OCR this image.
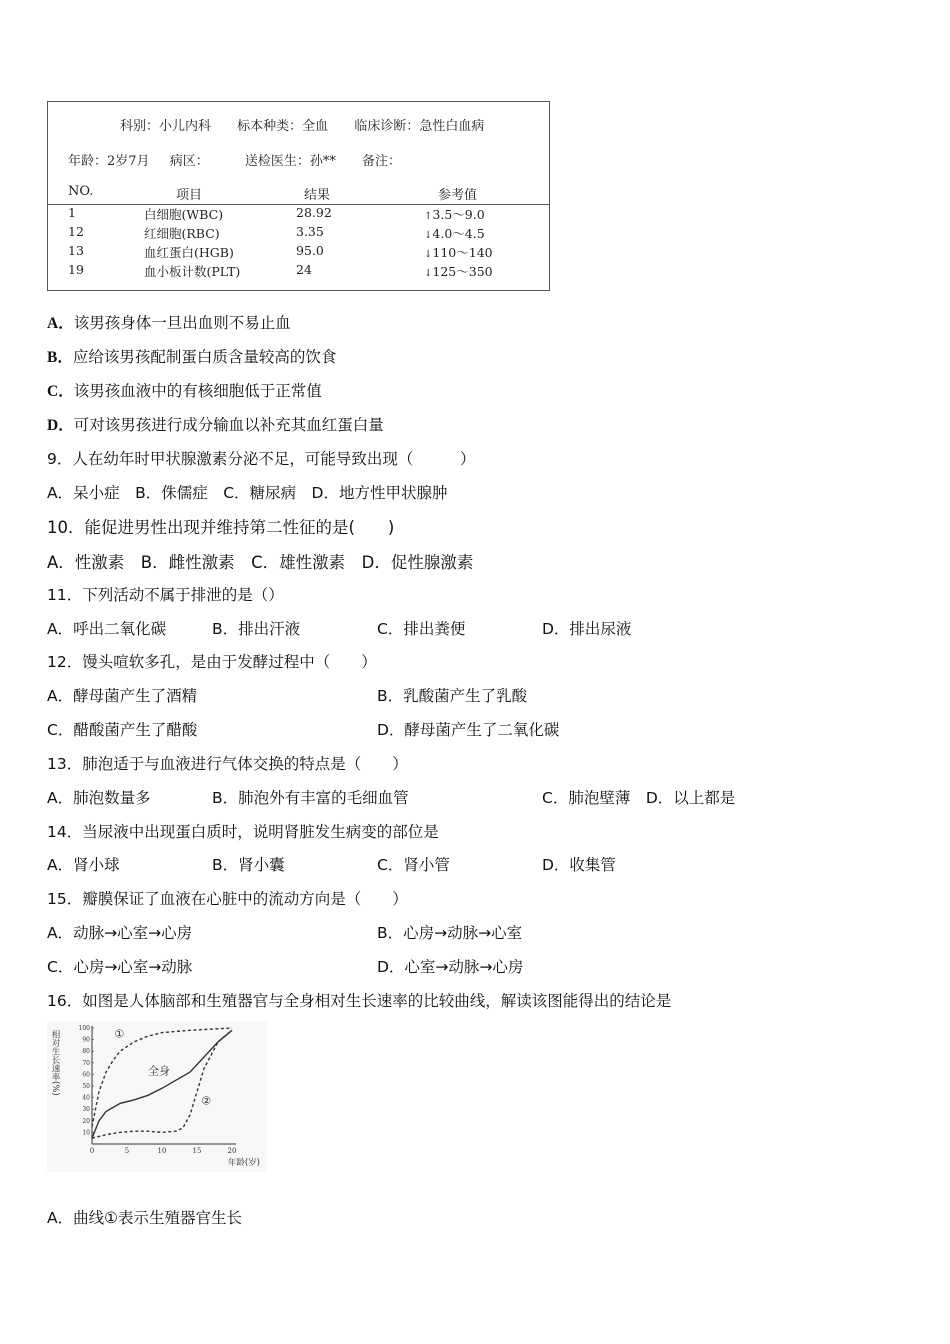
科别：小儿内科 标本种类：全血 临床诊断：急性白血病
年龄：2岁7月 病区：	送检医生：孙** 备注：
NO.	项目	结果	参考值
1	白细胞(WBC)	28.92	↑3.5～9.0
12	红细胞(RBC)	3.35	↓4.0～4.5
13	血红蛋白(HGB)	95.0	↓110～140
19	血小板计数(PLT)	24	↓125～350
A．该男孩身体一旦出血则不易止血
B．应给该男孩配制蛋白质含量较高的饮食
C．该男孩血液中的有核细胞低于正常值
D．可对该男孩进行成分输血以补充其血红蛋白量
9．人在幼年时甲状腺激素分泌不足，可能导致出现（　　　）
A．呆小症　B．侏儒症　C．糖尿病　D．地方性甲状腺肿
10．能促进男性出现并维持第二性征的是(　　)
A．性激素　B．雌性激素　C．雄性激素　D．促性腺激素
11．下列活动不属于排泄的是（）
A．呼出二氧化碳	B．排出汗液	C．排出粪便	D．排出尿液
12．馒头喧软多孔，是由于发酵过程中（　　）
A．酵母菌产生了酒精	B．乳酸菌产生了乳酸
C．醋酸菌产生了醋酸	D．酵母菌产生了二氧化碳
13．肺泡适于与血液进行气体交换的特点是（　　）
A．肺泡数量多	B．肺泡外有丰富的毛细血管	C．肺泡壁薄　D．以上都是
14．当尿液中出现蛋白质时，说明肾脏发生病变的部位是
A．肾小球	B．肾小囊	C．肾小管	D．收集管
15．瓣膜保证了血液在心脏中的流动方向是（　　）
A．动脉→心室→心房	B．心房→动脉→心室
C．心房→心室→动脉	D．心室→动脉→心房
16．如图是人体脑部和生殖器官与全身相对生长速率的比较曲线，解读该图能得出的结论是
0	5	10	15	20
10
20
30
40
50
60
70
80
90
100 ①
全身
②
相对生长速率(%)
年龄(岁)
A．曲线①表示生殖器官生长
